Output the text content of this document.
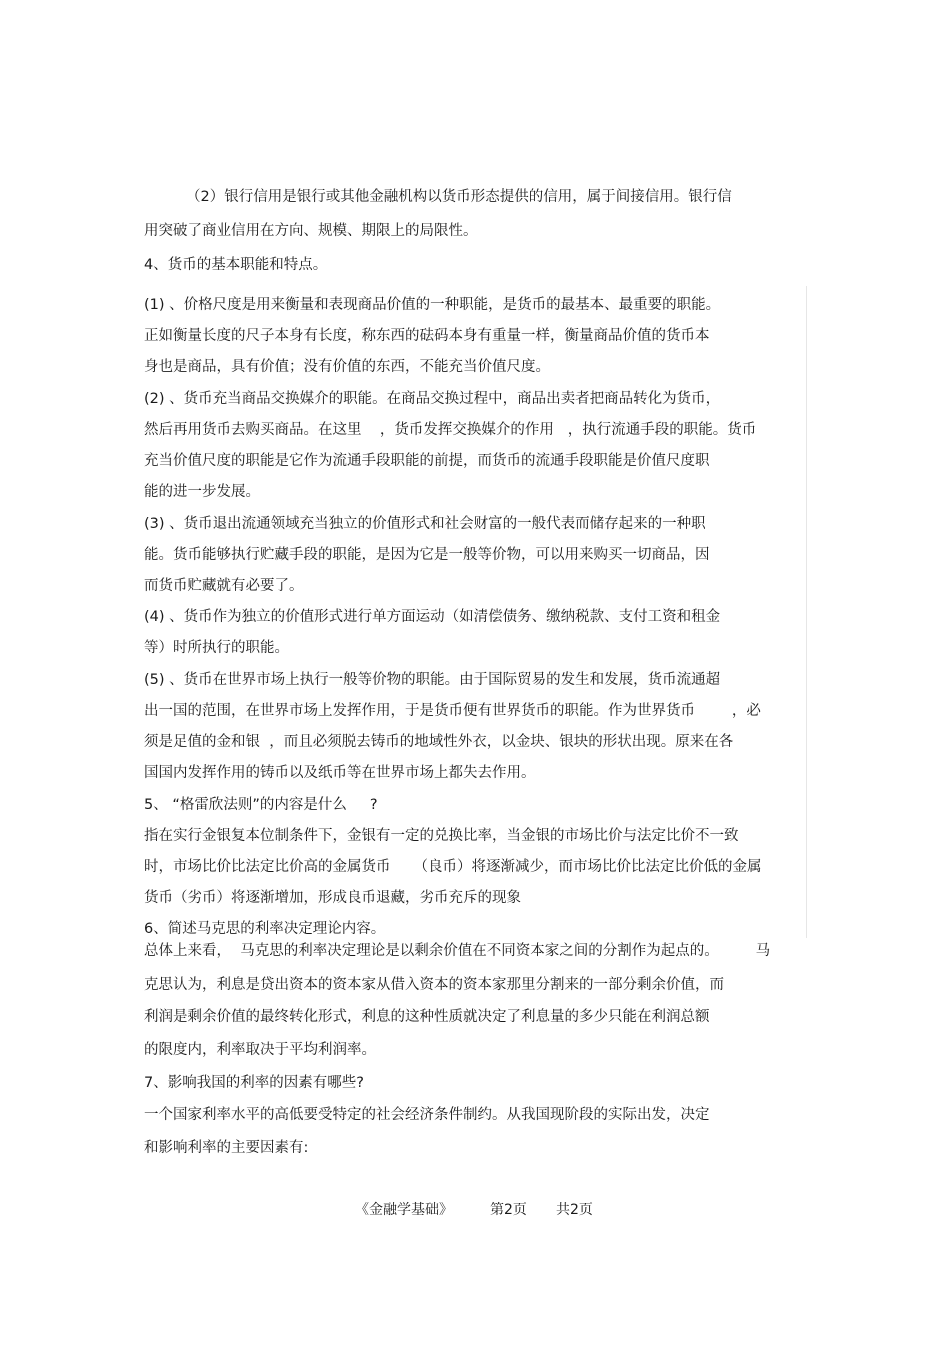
（2）银行信用是银行或其他金融机构以货币形态提供的信用，属于间接信用。银行信
用突破了商业信用在方向、规模、期限上的局限性。
4、货币的基本职能和特点。
(1) 、价格尺度是用来衡量和表现商品价值的一种职能，是货币的最基本、最重要的职能。
正如衡量长度的尺子本身有长度，称东西的砝码本身有重量一样，衡量商品价值的货币本
身也是商品，具有价值；没有价值的东西，不能充当价值尺度。
(2) 、货币充当商品交换媒介的职能。在商品交换过程中，商品出卖者把商品转化为货币，
然后再用货币去购买商品。在这里    ，货币发挥交换媒介的作用   ，执行流通手段的职能。货币
充当价值尺度的职能是它作为流通手段职能的前提，而货币的流通手段职能是价值尺度职
能的进一步发展。
(3) 、货币退出流通领域充当独立的价值形式和社会财富的一般代表而储存起来的一种职
能。货币能够执行贮藏手段的职能，是因为它是一般等价物，可以用来购买一切商品，因
而货币贮藏就有必要了。
(4) 、货币作为独立的价值形式进行单方面运动（如清偿债务、缴纳税款、支付工资和租金
等）时所执行的职能。
(5) 、货币在世界市场上执行一般等价物的职能。由于国际贸易的发生和发展，货币流通超
出一国的范围，在世界市场上发挥作用，于是货币便有世界货币的职能。作为世界货币        ，必
须是足值的金和银  ，而且必须脱去铸币的地域性外衣，以金块、银块的形状出现。原来在各
国国内发挥作用的铸币以及纸币等在世界市场上都失去作用。
5、 “格雷欣法则”的内容是什么     ?
指在实行金银复本位制条件下，金银有一定的兑换比率，当金银的市场比价与法定比价不一致
时，市场比价比法定比价高的金属货币     （良币）将逐渐减少，而市场比价比法定比价低的金属
货币（劣币）将逐渐增加，形成良币退藏，劣币充斥的现象
6、简述马克思的利率决定理论内容。
总体上来看，  马克思的利率决定理论是以剩余价值在不同资本家之间的分割作为起点的。        马
克思认为，利息是贷出资本的资本家从借入资本的资本家那里分割来的一部分剩余价值，而
利润是剩余价值的最终转化形式，利息的这种性质就决定了利息量的多少只能在利润总额
的限度内，利率取决于平均利润率。
7、影响我国的利率的因素有哪些?
一个国家利率水平的高低要受特定的社会经济条件制约。从我国现阶段的实际出发，决定
和影响利率的主要因素有:
《金融学基础》	第2页 共2页
